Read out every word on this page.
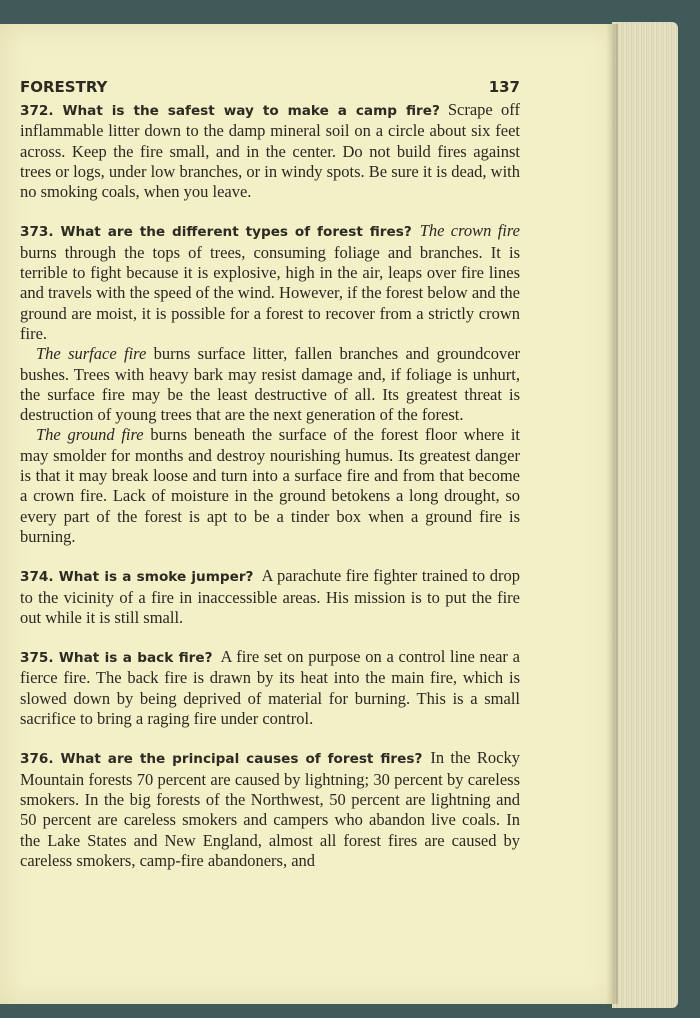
FORESTRY	137

372. What is the safest way to make a camp fire? Scrape off inflammable litter down to the damp mineral soil on a circle about six feet across. Keep the fire small, and in the center. Do not build fires against trees or logs, under low branches, or in windy spots. Be sure it is dead, with no smoking coals, when you leave.

373. What are the different types of forest fires? The crown fire burns through the tops of trees, consuming foliage and branches. It is terrible to fight because it is explosive, high in the air, leaps over fire lines and travels with the speed of the wind. However, if the forest below and the ground are moist, it is possible for a forest to recover from a strictly crown fire.

The surface fire burns surface litter, fallen branches and groundcover bushes. Trees with heavy bark may resist damage and, if foliage is unhurt, the surface fire may be the least destructive of all. Its greatest threat is destruction of young trees that are the next generation of the forest.

The ground fire burns beneath the surface of the forest floor where it may smolder for months and destroy nourishing humus. Its greatest danger is that it may break loose and turn into a surface fire and from that become a crown fire. Lack of moisture in the ground betokens a long drought, so every part of the forest is apt to be a tinder box when a ground fire is burning.

374. What is a smoke jumper? A parachute fire fighter trained to drop to the vicinity of a fire in inaccessible areas. His mission is to put the fire out while it is still small.

375. What is a back fire? A fire set on purpose on a control line near a fierce fire. The back fire is drawn by its heat into the main fire, which is slowed down by being deprived of material for burning. This is a small sacrifice to bring a raging fire under control.

376. What are the principal causes of forest fires? In the Rocky Mountain forests 70 percent are caused by lightning; 30 percent by careless smokers. In the big forests of the Northwest, 50 percent are lightning and 50 percent are careless smokers and campers who abandon live coals. In the Lake States and New England, almost all forest fires are caused by careless smokers, camp-fire abandoners, and
